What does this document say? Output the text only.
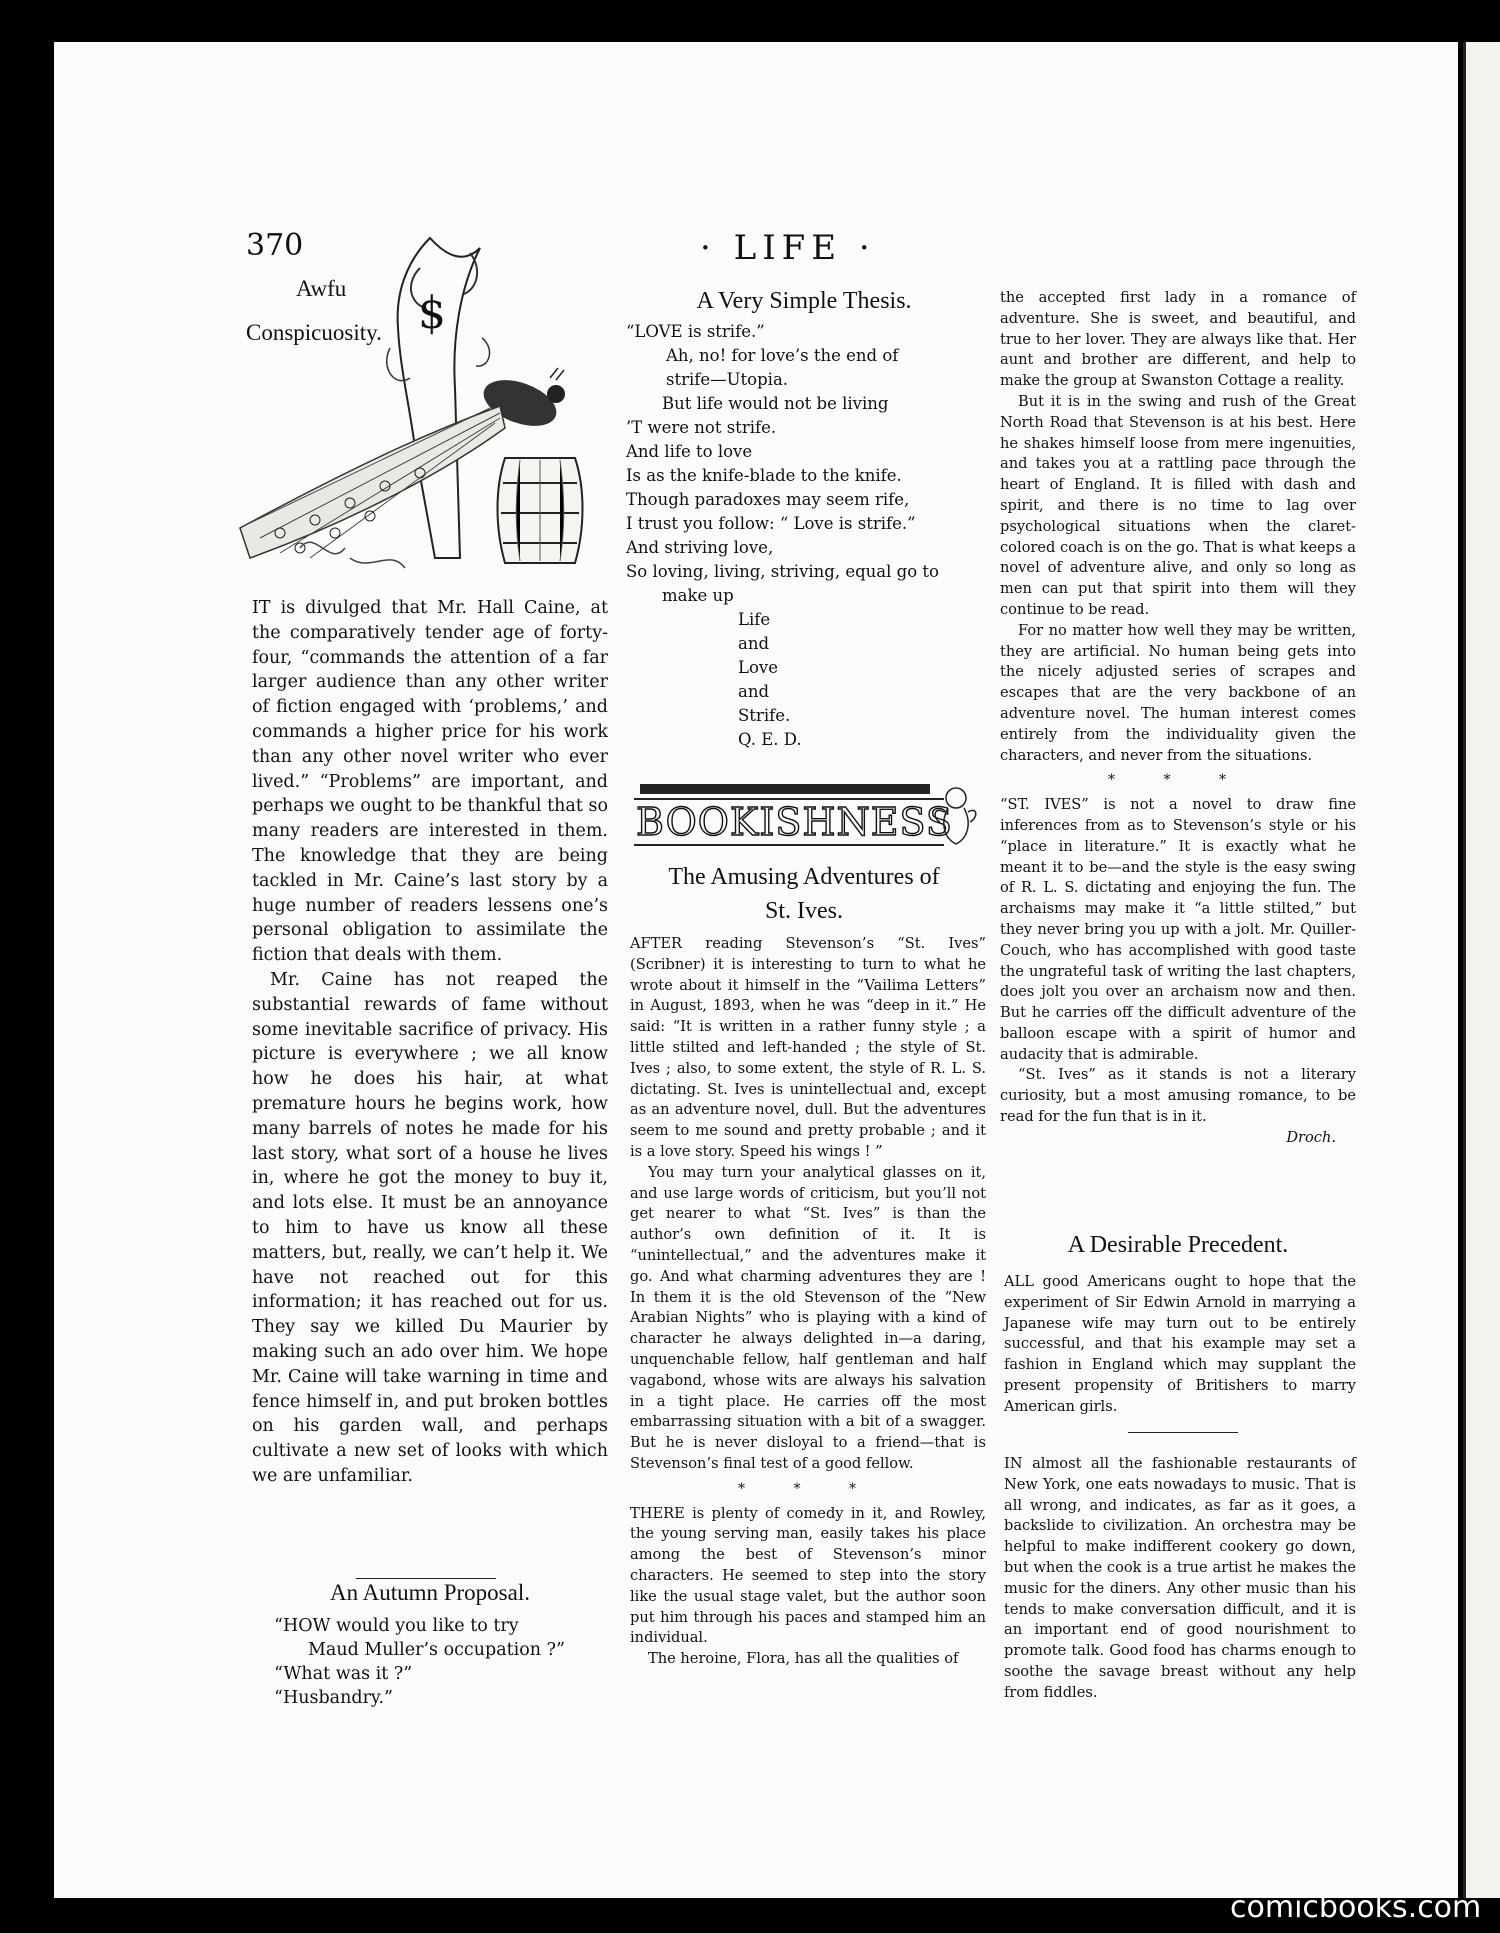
370	· LIFE ·
Awfu
Conspicuosity. $

IT is divulged that Mr. Hall Caine, at the comparatively tender age of forty-four, “commands the attention of a far larger audience than any other writer of fiction engaged with ‘problems,’ and commands a higher price for his work than any other novel writer who ever lived.” “Problems” are important, and perhaps we ought to be thankful that so many readers are interested in them. The knowledge that they are being tackled in Mr. Caine’s last story by a huge number of readers lessens one’s personal obligation to assimilate the fiction that deals with them.

Mr. Caine has not reaped the substantial rewards of fame without some inevitable sacrifice of privacy. His picture is everywhere ; we all know how he does his hair, at what premature hours he begins work, how many barrels of notes he made for his last story, what sort of a house he lives in, where he got the money to buy it, and lots else. It must be an annoyance to him to have us know all these matters, but, really, we can’t help it. We have not reached out for this information; it has reached out for us. They say we killed Du Maurier by making such an ado over him. We hope Mr. Caine will take warning in time and fence himself in, and put broken bottles on his garden wall, and perhaps cultivate a new set of looks with which we are unfamiliar.

An Autumn Proposal.
“HOW would you like to try
Maud Muller’s occupation ?”
“What was it ?”
“Husbandry.”
A Very Simple Thesis.
“LOVE is strife.”
Ah, no! for love’s the end of
strife—Utopia.
But life would not be living
’T were not strife.
And life to love
Is as the knife-blade to the knife.
Though paradoxes may seem rife,
I trust you follow: “ Love is strife.”
And striving love,
So loving, living, striving, equal go to
make up
Life
and
Love
and
Strife.
Q. E. D.
BOOKISHNESS
The Amusing Adventures of
St. Ives.

AFTER reading Stevenson’s “St. Ives” (Scribner) it is interesting to turn to what he wrote about it himself in the “Vailima Letters” in August, 1893, when he was “deep in it.” He said: “It is written in a rather funny style ; a little stilted and left-handed ; the style of St. Ives ; also, to some extent, the style of R. L. S. dictating. St. Ives is unintellectual and, except as an adventure novel, dull. But the adventures seem to me sound and pretty probable ; and it is a love story. Speed his wings ! ”

You may turn your analytical glasses on it, and use large words of criticism, but you’ll not get nearer to what “St. Ives” is than the author’s own definition of it. It is “unintellectual,” and the adventures make it go. And what charming adventures they are ! In them it is the old Stevenson of the “New Arabian Nights” who is playing with a kind of character he always delighted in—a daring, unquenchable fellow, half gentleman and half vagabond, whose wits are always his salvation in a tight place. He carries off the most embarrassing situation with a bit of a swagger. But he is never disloyal to a friend—that is Stevenson’s final test of a good fellow.

* * *

THERE is plenty of comedy in it, and Rowley, the young serving man, easily takes his place among the best of Stevenson’s minor characters. He seemed to step into the story like the usual stage valet, but the author soon put him through his paces and stamped him an individual.

The heroine, Flora, has all the qualities of

the accepted first lady in a romance of adventure. She is sweet, and beautiful, and true to her lover. They are always like that. Her aunt and brother are different, and help to make the group at Swanston Cottage a reality.

But it is in the swing and rush of the Great North Road that Stevenson is at his best. Here he shakes himself loose from mere ingenuities, and takes you at a rattling pace through the heart of England. It is filled with dash and spirit, and there is no time to lag over psychological situations when the claret-colored coach is on the go. That is what keeps a novel of adventure alive, and only so long as men can put that spirit into them will they continue to be read.

For no matter how well they may be written, they are artificial. No human being gets into the nicely adjusted series of scrapes and escapes that are the very backbone of an adventure novel. The human interest comes entirely from the individuality given the characters, and never from the situations.

* * *

“ST. IVES” is not a novel to draw fine inferences from as to Stevenson’s style or his “place in literature.” It is exactly what he meant it to be—and the style is the easy swing of R. L. S. dictating and enjoying the fun. The archaisms may make it “a little stilted,” but they never bring you up with a jolt. Mr. Quiller-Couch, who has accomplished with good taste the ungrateful task of writing the last chapters, does jolt you over an archaism now and then. But he carries off the difficult adventure of the balloon escape with a spirit of humor and audacity that is admirable.

“St. Ives” as it stands is not a literary curiosity, but a most amusing romance, to be read for the fun that is in it.

Droch.
A Desirable Precedent.

ALL good Americans ought to hope that the experiment of Sir Edwin Arnold in marrying a Japanese wife may turn out to be entirely successful, and that his example may set a fashion in England which may supplant the present propensity of Britishers to marry American girls.

IN almost all the fashionable restaurants of New York, one eats nowadays to music. That is all wrong, and indicates, as far as it goes, a backslide to civilization. An orchestra may be helpful to make indifferent cookery go down, but when the cook is a true artist he makes the music for the diners. Any other music than his tends to make conversation difficult, and it is an important end of good nourishment to promote talk. Good food has charms enough to soothe the savage breast without any help from fiddles.

comicbooks.com
